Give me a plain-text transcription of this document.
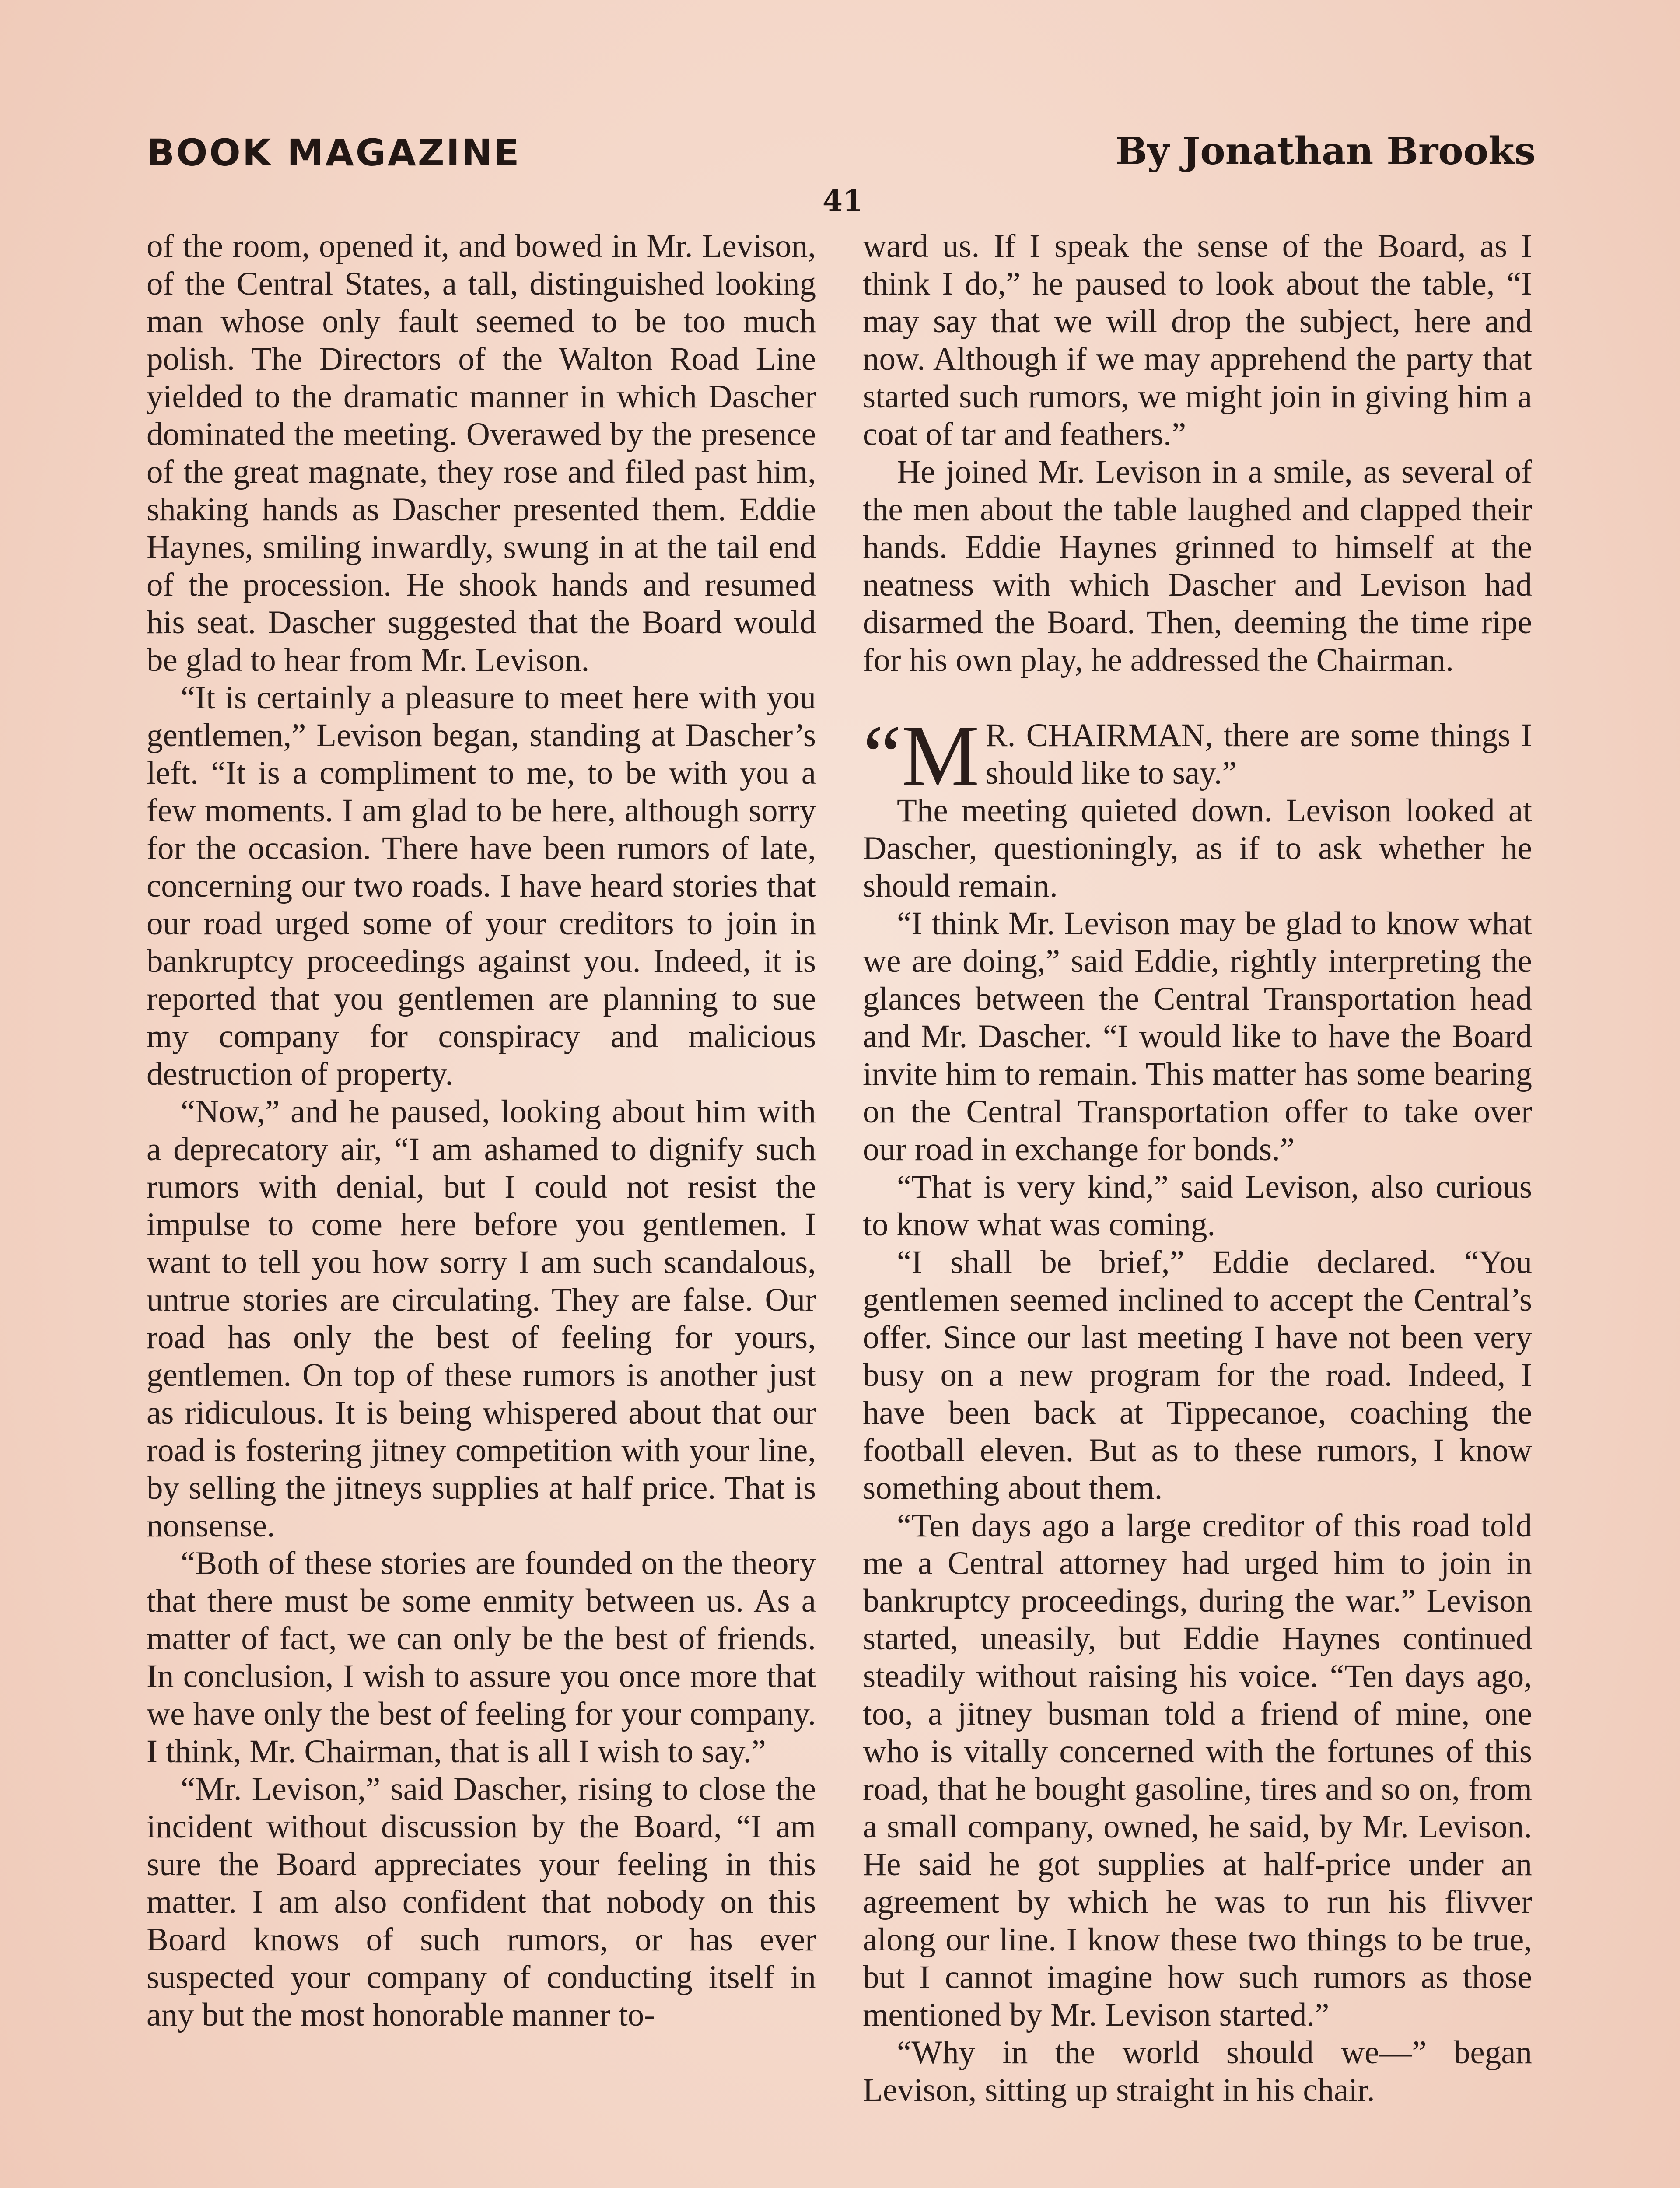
BOOK MAGAZINE	By Jonathan Brooks
41

of the room, opened it, and bowed in Mr. Levison, of the Central States, a tall, distinguished looking man whose only fault seemed to be too much polish. The Directors of the Walton Road Line yielded to the dramatic manner in which Dascher dominated the meeting. Overawed by the presence of the great magnate, they rose and filed past him, shaking hands as Dascher presented them. Eddie Haynes, smiling inwardly, swung in at the tail end of the procession. He shook hands and resumed his seat. Dascher suggested that the Board would be glad to hear from Mr. Levison.

“It is certainly a pleasure to meet here with you gentlemen,” Levison began, standing at Dascher’s left. “It is a compliment to me, to be with you a few moments. I am glad to be here, although sorry for the occasion. There have been rumors of late, concerning our two roads. I have heard stories that our road urged some of your creditors to join in bankruptcy proceedings against you. Indeed, it is reported that you gentlemen are planning to sue my company for conspiracy and malicious destruction of property.

“Now,” and he paused, looking about him with a deprecatory air, “I am ashamed to dignify such rumors with denial, but I could not resist the impulse to come here before you gentlemen. I want to tell you how sorry I am such scandalous, untrue stories are circulating. They are false. Our road has only the best of feeling for yours, gentlemen. On top of these rumors is another just as ridiculous. It is being whispered about that our road is fostering jitney competition with your line, by selling the jitneys supplies at half price. That is nonsense.

“Both of these stories are founded on the theory that there must be some enmity between us. As a matter of fact, we can only be the best of friends. In conclusion, I wish to assure you once more that we have only the best of feeling for your company. I think, Mr. Chairman, that is all I wish to say.”

“Mr. Levison,” said Dascher, rising to close the incident without discussion by the Board, “I am sure the Board appreciates your feeling in this matter. I am also confident that nobody on this Board knows of such rumors, or has ever suspected your company of conducting itself in any but the most honorable manner to-

ward us. If I speak the sense of the Board, as I think I do,” he paused to look about the table, “I may say that we will drop the subject, here and now. Although if we may apprehend the party that started such rumors, we might join in giving him a coat of tar and feathers.”

He joined Mr. Levison in a smile, as several of the men about the table laughed and clapped their hands. Eddie Haynes grinned to himself at the neatness with which Dascher and Levison had disarmed the Board. Then, deeming the time ripe for his own play, he addressed the Chairman.

“M R. CHAIRMAN, there are some things I should like to say.”

The meeting quieted down. Levison looked at Dascher, questioningly, as if to ask whether he should remain.

“I think Mr. Levison may be glad to know what we are doing,” said Eddie, rightly interpreting the glances between the Central Transportation head and Mr. Dascher. “I would like to have the Board invite him to remain. This matter has some bearing on the Central Transportation offer to take over our road in exchange for bonds.”

“That is very kind,” said Levison, also curious to know what was coming.

“I shall be brief,” Eddie declared. “You gentlemen seemed inclined to accept the Central’s offer. Since our last meeting I have not been very busy on a new program for the road. Indeed, I have been back at Tippecanoe, coaching the football eleven. But as to these rumors, I know something about them.

“Ten days ago a large creditor of this road told me a Central attorney had urged him to join in bankruptcy proceedings, during the war.” Levison started, uneasily, but Eddie Haynes continued steadily without raising his voice. “Ten days ago, too, a jitney busman told a friend of mine, one who is vitally concerned with the fortunes of this road, that he bought gasoline, tires and so on, from a small company, owned, he said, by Mr. Levison. He said he got supplies at half-price under an agreement by which he was to run his flivver along our line. I know these two things to be true, but I cannot imagine how such rumors as those mentioned by Mr. Levison started.”

“Why in the world should we—” began Levison, sitting up straight in his chair.
